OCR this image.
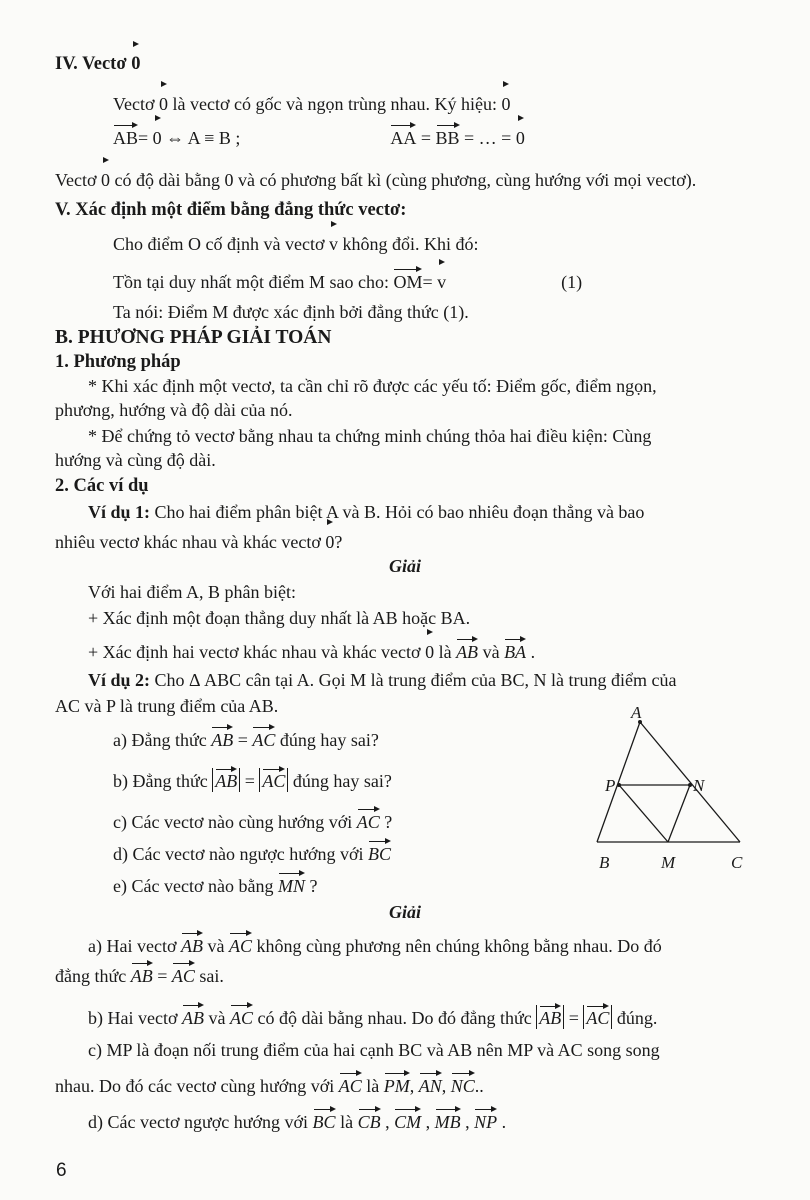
A
B	M	C
P	N
6
IV. Vectơ 0
Vectơ 0 là vectơ có gốc và ngọn trùng nhau. Ký hiệu: 0
AB= 0 ⇔ A ≡ B ;	AA = BB = … = 0
Vectơ 0 có độ dài bằng 0 và có phương bất kì (cùng phương, cùng hướng với mọi vectơ).
V. Xác định một điểm bằng đẳng thức vectơ:
Cho điểm O cố định và vectơ v không đổi. Khi đó:
Tồn tại duy nhất một điểm M sao cho: OM= v	(1)
Ta nói: Điểm M được xác định bởi đẳng thức (1).
B. PHƯƠNG PHÁP GIẢI TOÁN
1. Phương pháp
* Khi xác định một vectơ, ta cần chỉ rõ được các yếu tố: Điểm gốc, điểm ngọn,
phương, hướng và độ dài của nó.
* Để chứng tỏ vectơ bằng nhau ta chứng minh chúng thỏa hai điều kiện: Cùng
hướng và cùng độ dài.
2. Các ví dụ
Ví dụ 1: Cho hai điểm phân biệt A và B. Hỏi có bao nhiêu đoạn thẳng và bao
nhiêu vectơ khác nhau và khác vectơ 0?
Giải
Với hai điểm A, B phân biệt:
+ Xác định một đoạn thẳng duy nhất là AB hoặc BA.
+ Xác định hai vectơ khác nhau và khác vectơ 0 là AB và BA .
Ví dụ 2: Cho Δ ABC cân tại A. Gọi M là trung điểm của BC, N là trung điểm của
AC và P là trung điểm của AB.
a) Đẳng thức AB = AC đúng hay sai?
b) Đẳng thức AB = AC đúng hay sai?
c) Các vectơ nào cùng hướng với AC ?
d) Các vectơ nào ngược hướng với BC
e) Các vectơ nào bằng MN ?
Giải
a) Hai vectơ AB và AC không cùng phương nên chúng không bằng nhau. Do đó
đẳng thức AB = AC sai.
b) Hai vectơ AB và AC có độ dài bằng nhau. Do đó đẳng thức AB = AC đúng.
c) MP là đoạn nối trung điểm của hai cạnh BC và AB nên MP và AC song song
nhau. Do đó các vectơ cùng hướng với AC là PM, AN, NC..
d) Các vectơ ngược hướng với BC là CB , CM , MB , NP .
